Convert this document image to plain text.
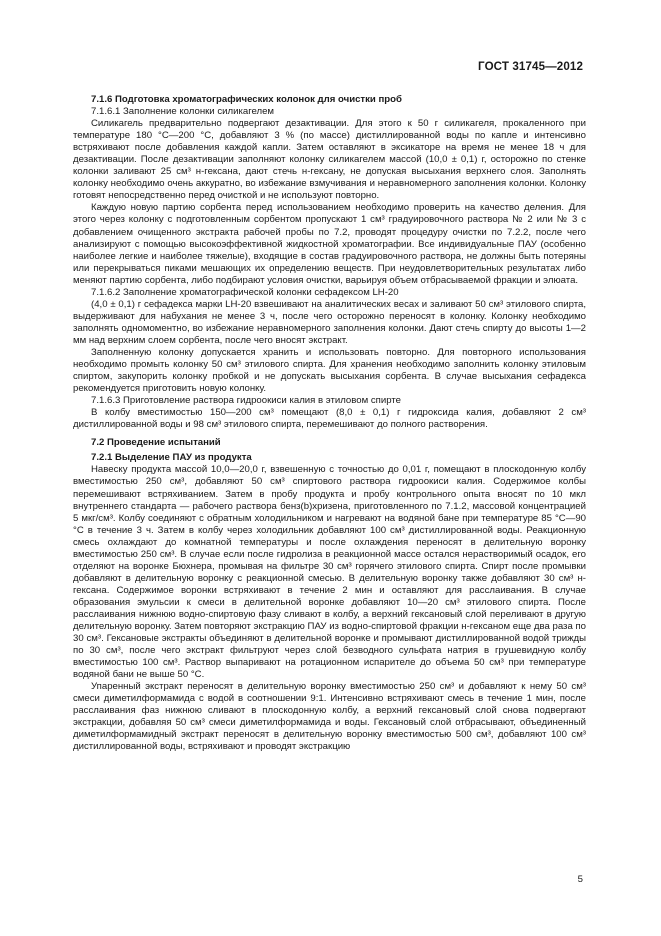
ГОСТ 31745—2012

7.1.6 Подготовка хроматографических колонок для очистки проб

7.1.6.1 Заполнение колонки силикагелем

Силикагель предварительно подвергают дезактивации. Для этого к 50 г силикагеля, прокаленного при температуре 180 °С—200 °С, добавляют 3 % (по массе) дистиллированной воды по капле и интенсивно встряхивают после добавления каждой капли. Затем оставляют в эксикаторе на время не менее 18 ч для дезактивации. После дезактивации заполняют колонку силикагелем массой (10,0 ± 0,1) г, осторожно по стенке колонки заливают 25 см³ н-гексана, дают стечь н-гексану, не допуская высыхания верхнего слоя. Заполнять колонку необходимо очень аккуратно, во избежание взмучивания и неравномерного заполнения колонки. Колонку готовят непосредственно перед очисткой и не используют повторно.

Каждую новую партию сорбента перед использованием необходимо проверить на качество деления. Для этого через колонку с подготовленным сорбентом пропускают 1 см³ градуировочного раствора № 2 или № 3 с добавлением очищенного экстракта рабочей пробы по 7.2, проводят процедуру очистки по 7.2.2, после чего анализируют с помощью высокоэффективной жидкостной хроматографии. Все индивидуальные ПАУ (особенно наиболее легкие и наиболее тяжелые), входящие в состав градуировочного раствора, не должны быть потеряны или перекрываться пиками мешающих их определению веществ. При неудовлетворительных результатах либо меняют партию сорбента, либо подбирают условия очистки, варьируя объем отбрасываемой фракции и элюата.

7.1.6.2 Заполнение хроматографической колонки сефадексом LH-20

(4,0 ± 0,1) г сефадекса марки LH-20 взвешивают на аналитических весах и заливают 50 см³ этилового спирта, выдерживают для набухания не менее 3 ч, после чего осторожно переносят в колонку. Колонку необходимо заполнять одномоментно, во избежание неравномерного заполнения колонки. Дают стечь спирту до высоты 1—2 мм над верхним слоем сорбента, после чего вносят экстракт.

Заполненную колонку допускается хранить и использовать повторно. Для повторного использования необходимо промыть колонку 50 см³ этилового спирта. Для хранения необходимо заполнить колонку этиловым спиртом, закупорить колонку пробкой и не допускать высыхания сорбента. В случае высыхания сефадекса рекомендуется приготовить новую колонку.

7.1.6.3 Приготовление раствора гидроокиси калия в этиловом спирте

В колбу вместимостью 150—200 см³ помещают (8,0 ± 0,1) г гидроксида калия, добавляют 2 см³ дистиллированной воды и 98 см³ этилового спирта, перемешивают до полного растворения.

7.2 Проведение испытаний

7.2.1 Выделение ПАУ из продукта

Навеску продукта массой 10,0—20,0 г, взвешенную с точностью до 0,01 г, помещают в плоскодонную колбу вместимостью 250 см³, добавляют 50 см³ спиртового раствора гидроокиси калия. Содержимое колбы перемешивают встряхиванием. Затем в пробу продукта и пробу контрольного опыта вносят по 10 мкл внутреннего стандарта — рабочего раствора бенз(b)хризена, приготовленного по 7.1.2, массовой концентрацией 5 мкг/см³. Колбу соединяют с обратным холодильником и нагревают на водяной бане при температуре 85 °С—90 °С в течение 3 ч. Затем в колбу через холодильник добавляют 100 см³ дистиллированной воды. Реакционную смесь охлаждают до комнатной температуры и после охлаждения переносят в делительную воронку вместимостью 250 см³. В случае если после гидролиза в реакционной массе остался нерастворимый осадок, его отделяют на воронке Бюхнера, промывая на фильтре 30 см³ горячего этилового спирта. Спирт после промывки добавляют в делительную воронку с реакционной смесью. В делительную воронку также добавляют 30 см³ н-гексана. Содержимое воронки встряхивают в течение 2 мин и оставляют для расслаивания. В случае образования эмульсии к смеси в делительной воронке добавляют 10—20 см³ этилового спирта. После расслаивания нижнюю водно-спиртовую фазу сливают в колбу, а верхний гексановый слой переливают в другую делительную воронку. Затем повторяют экстракцию ПАУ из водно-спиртовой фракции н-гексаном еще два раза по 30 см³. Гексановые экстракты объединяют в делительной воронке и промывают дистиллированной водой трижды по 30 см³, после чего экстракт фильтруют через слой безводного сульфата натрия в грушевидную колбу вместимостью 100 см³. Раствор выпаривают на ротационном испарителе до объема 50 см³ при температуре водяной бани не выше 50 °С.

Упаренный экстракт переносят в делительную воронку вместимостью 250 см³ и добавляют к нему 50 см³ смеси диметилформамида с водой в соотношении 9:1. Интенсивно встряхивают смесь в течение 1 мин, после расслаивания фаз нижнюю сливают в плоскодонную колбу, а верхний гексановый слой снова подвергают экстракции, добавляя 50 см³ смеси диметилформамида и воды. Гексановый слой отбрасывают, объединенный диметилформамидный экстракт переносят в делительную воронку вместимостью 500 см³, добавляют 100 см³ дистиллированной воды, встряхивают и проводят экстракцию

5
